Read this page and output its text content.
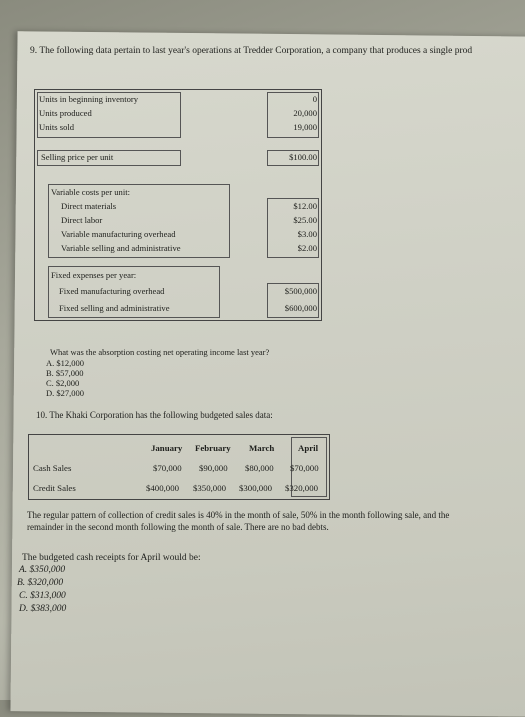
9. The following data pertain to last year's operations at Tredder Corporation, a company that produces a single prod
Units in beginning inventory	0
Units produced	20,000
Units sold	19,000
Selling price per unit	$100.00
Variable costs per unit:
Direct materials	$12.00
Direct labor	$25.00
Variable manufacturing overhead	$3.00
Variable selling and administrative	$2.00
Fixed expenses per year:
Fixed manufacturing overhead	$500,000
Fixed selling and administrative	$600,000
What was the absorption costing net operating income last year?
A. $12,000
B. $57,000
C. $2,000
D. $27,000
10. The Khaki Corporation has the following budgeted sales data:
January February March	April
Cash Sales	$70,000 $90,000 $80,000 $70,000
Credit Sales	$400,000 $350,000 $300,000 $320,000
The regular pattern of collection of credit sales is 40% in the month of sale, 50% in the month following sale, and the
remainder in the second month following the month of sale. There are no bad debts.
The budgeted cash receipts for April would be:
A. $350,000
B. $320,000
C. $313,000
D. $383,000
